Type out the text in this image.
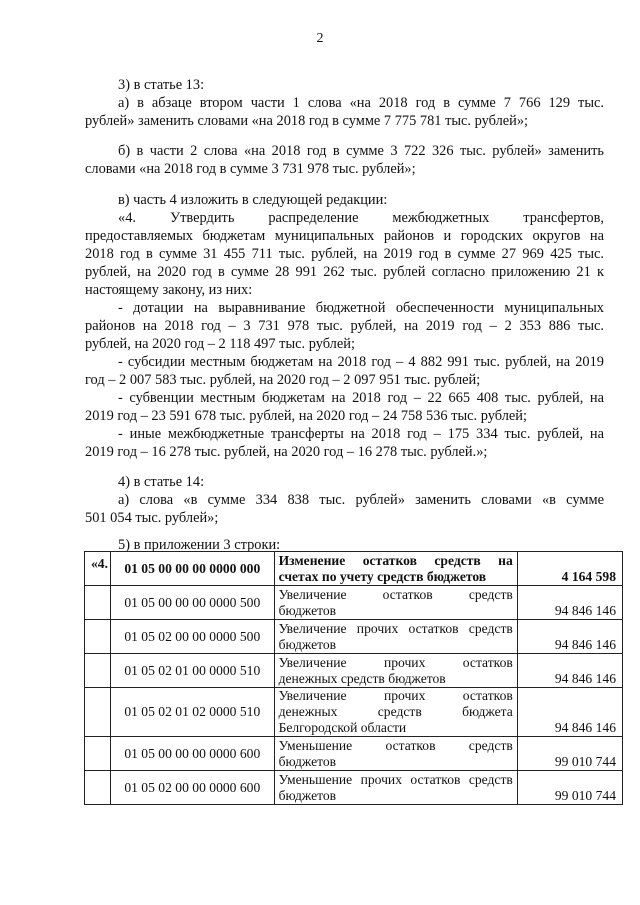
2
3) в статье 13:
а) в абзаце втором части 1 слова «на 2018 год в сумме 7 766 129 тыс.
рублей» заменить словами «на 2018 год в сумме 7 775 781 тыс. рублей»;
б) в части 2 слова «на 2018 год в сумме 3 722 326 тыс. рублей» заменить
словами «на 2018 год в сумме 3 731 978 тыс. рублей»;
в) часть 4 изложить в следующей редакции:
«4. Утвердить распределение межбюджетных трансфертов,
предоставляемых бюджетам муниципальных районов и городских округов на
2018 год в сумме 31 455 711 тыс. рублей, на 2019 год в сумме 27 969 425 тыс.
рублей, на 2020 год в сумме 28 991 262 тыс. рублей согласно приложению 21 к
настоящему закону, из них:
- дотации на выравнивание бюджетной обеспеченности муниципальных
районов на 2018 год – 3 731 978 тыс. рублей, на 2019 год – 2 353 886 тыс.
рублей, на 2020 год – 2 118 497 тыс. рублей;
- субсидии местным бюджетам на 2018 год – 4 882 991 тыс. рублей, на 2019
год – 2 007 583 тыс. рублей, на 2020 год – 2 097 951 тыс. рублей;
- субвенции местным бюджетам на 2018 год – 22 665 408 тыс. рублей, на
2019 год – 23 591 678 тыс. рублей, на 2020 год – 24 758 536 тыс. рублей;
- иные межбюджетные трансферты на 2018 год – 175 334 тыс. рублей, на
2019 год – 16 278 тыс. рублей, на 2020 год – 16 278 тыс. рублей.»;
4) в статье 14:
а) слова «в сумме 334 838 тыс. рублей» заменить словами «в сумме
501 054 тыс. рублей»;
5) в приложении 3 строки:
«4.	01 05 00 00 00 0000 000	Изменение остатков средств на
счетах по учету средств бюджетов	4 164 598
	01 05 00 00 00 0000 500	Увеличение остатков средств
бюджетов	94 846 146
	01 05 02 00 00 0000 500	Увеличение прочих остатков средств
бюджетов	94 846 146
	01 05 02 01 00 0000 510	Увеличение прочих остатков
денежных средств бюджетов	94 846 146
	01 05 02 01 02 0000 510	Увеличение прочих остатков
денежных средств бюджета
Белгородской области	94 846 146
	01 05 00 00 00 0000 600	Уменьшение остатков средств
бюджетов	99 010 744
	01 05 02 00 00 0000 600	Уменьшение прочих остатков средств
бюджетов	99 010 744
